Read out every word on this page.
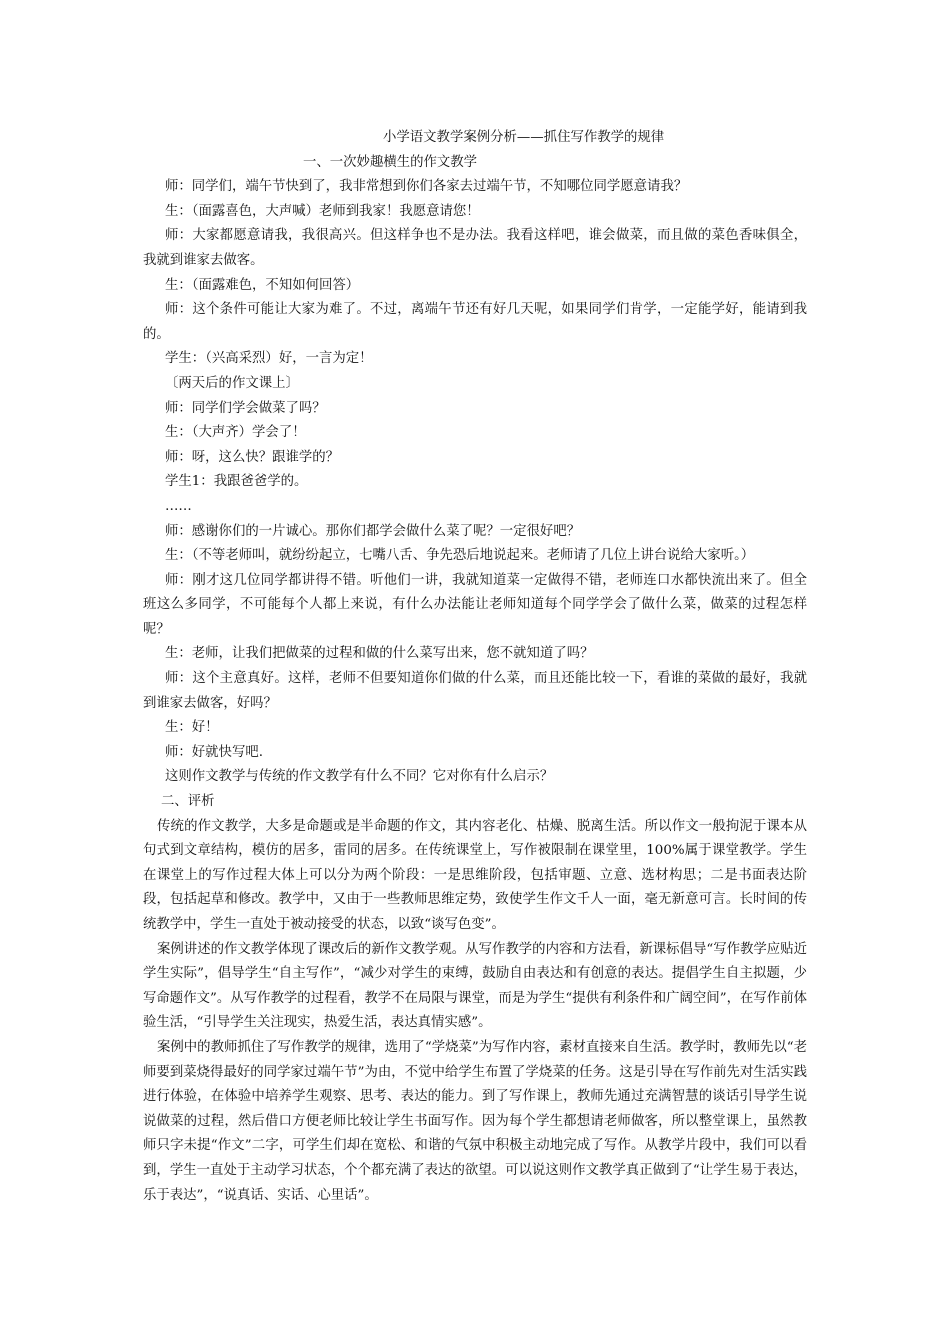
小学语文教学案例分析——抓住写作教学的规律
一、一次妙趣横生的作文教学

师：同学们，端午节快到了，我非常想到你们各家去过端午节，不知哪位同学愿意请我？

生：（面露喜色，大声喊）老师到我家！我愿意请您！

师：大家都愿意请我，我很高兴。但这样争也不是办法。我看这样吧，谁会做菜，而且做的菜色香味俱全，我就到谁家去做客。

生：（面露难色，不知如何回答）

师：这个条件可能让大家为难了。不过，离端午节还有好几天呢，如果同学们肯学，一定能学好，能请到我的。

学生：（兴高采烈）好，一言为定！

〔两天后的作文课上〕

师：同学们学会做菜了吗？

生：（大声齐）学会了！

师：呀，这么快？跟谁学的？

学生1：我跟爸爸学的。

……

师：感谢你们的一片诚心。那你们都学会做什么菜了呢？一定很好吧？

生：（不等老师叫，就纷纷起立，七嘴八舌、争先恐后地说起来。老师请了几位上讲台说给大家听。）

师：刚才这几位同学都讲得不错。听他们一讲，我就知道菜一定做得不错，老师连口水都快流出来了。但全班这么多同学，不可能每个人都上来说，有什么办法能让老师知道每个同学学会了做什么菜，做菜的过程怎样呢？

生：老师，让我们把做菜的过程和做的什么菜写出来，您不就知道了吗？

师：这个主意真好。这样，老师不但要知道你们做的什么菜，而且还能比较一下，看谁的菜做的最好，我就到谁家去做客，好吗？

生：好！

师：好就快写吧.

这则作文教学与传统的作文教学有什么不同？它对你有什么启示？

二、评析

传统的作文教学，大多是命题或是半命题的作文，其内容老化、枯燥、脱离生活。所以作文一般拘泥于课本从句式到文章结构，模仿的居多，雷同的居多。在传统课堂上，写作被限制在课堂里，100%属于课堂教学。学生在课堂上的写作过程大体上可以分为两个阶段：一是思维阶段，包括审题、立意、选材构思；二是书面表达阶段，包括起草和修改。教学中，又由于一些教师思维定势，致使学生作文千人一面，毫无新意可言。长时间的传统教学中，学生一直处于被动接受的状态，以致“谈写色变”。

案例讲述的作文教学体现了课改后的新作文教学观。从写作教学的内容和方法看，新课标倡导“写作教学应贴近学生实际”，倡导学生“自主写作”，“减少对学生的束缚，鼓励自由表达和有创意的表达。提倡学生自主拟题，少写命题作文”。从写作教学的过程看，教学不在局限与课堂，而是为学生“提供有利条件和广阔空间”，在写作前体验生活，“引导学生关注现实，热爱生活，表达真情实感”。

案例中的教师抓住了写作教学的规律，选用了“学烧菜”为写作内容，素材直接来自生活。教学时，教师先以“老师要到菜烧得最好的同学家过端午节”为由，不觉中给学生布置了学烧菜的任务。这是引导在写作前先对生活实践进行体验，在体验中培养学生观察、思考、表达的能力。到了写作课上，教师先通过充满智慧的谈话引导学生说说做菜的过程，然后借口方便老师比较让学生书面写作。因为每个学生都想请老师做客，所以整堂课上，虽然教师只字未提“作文”二字，可学生们却在宽松、和谐的气氛中积极主动地完成了写作。从教学片段中，我们可以看到，学生一直处于主动学习状态，个个都充满了表达的欲望。可以说这则作文教学真正做到了“让学生易于表达，乐于表达”，“说真话、实话、心里话”。
